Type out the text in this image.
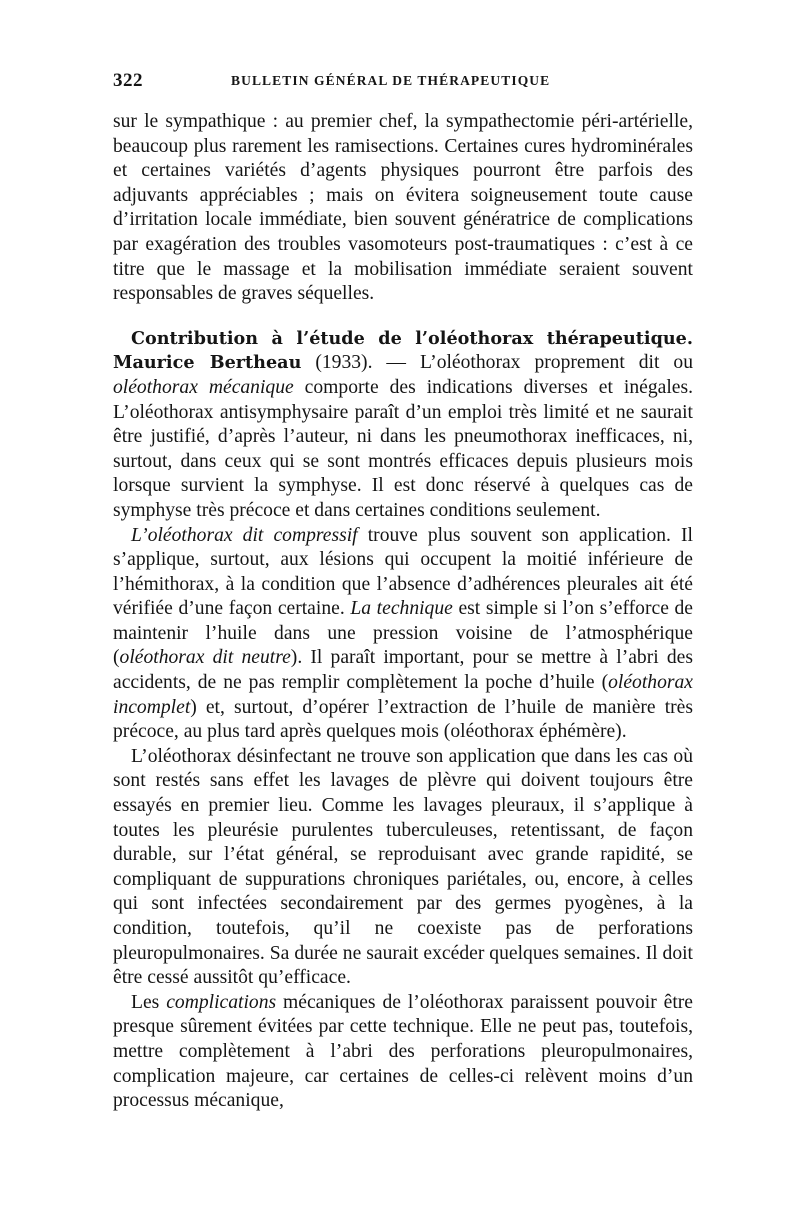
322	BULLETIN GÉNÉRAL DE THÉRAPEUTIQUE

sur le sympathique : au premier chef, la sympathectomie péri-artérielle, beaucoup plus rarement les ramisections. Certaines cures hydrominérales et certaines variétés d’agents physiques pourront être parfois des adjuvants appréciables ; mais on évitera soigneusement toute cause d’irritation locale immédiate, bien souvent génératrice de complications par exagération des troubles vasomoteurs post-traumatiques : c’est à ce titre que le massage et la mobilisation immédiate seraient souvent responsables de graves séquelles.

Contribution à l’étude de l’oléothorax thérapeutique. Maurice Bertheau (1933). — L’oléothorax proprement dit ou oléothorax mécanique comporte des indications diverses et inégales. L’oléothorax antisymphysaire paraît d’un emploi très limité et ne saurait être justifié, d’après l’auteur, ni dans les pneumothorax inefficaces, ni, surtout, dans ceux qui se sont montrés efficaces depuis plusieurs mois lorsque survient la symphyse. Il est donc réservé à quelques cas de symphyse très précoce et dans certaines conditions seulement.

L’oléothorax dit compressif trouve plus souvent son application. Il s’applique, surtout, aux lésions qui occupent la moitié inférieure de l’hémithorax, à la condition que l’absence d’adhérences pleurales ait été vérifiée d’une façon certaine. La technique est simple si l’on s’efforce de maintenir l’huile dans une pression voisine de l’atmosphérique (oléothorax dit neutre). Il paraît important, pour se mettre à l’abri des accidents, de ne pas remplir complètement la poche d’huile (oléothorax incomplet) et, surtout, d’opérer l’extraction de l’huile de manière très précoce, au plus tard après quelques mois (oléothorax éphémère).

L’oléothorax désinfectant ne trouve son application que dans les cas où sont restés sans effet les lavages de plèvre qui doivent toujours être essayés en premier lieu. Comme les lavages pleuraux, il s’applique à toutes les pleurésie purulentes tuberculeuses, retentissant, de façon durable, sur l’état général, se reproduisant avec grande rapidité, se compliquant de suppurations chroniques pariétales, ou, encore, à celles qui sont infectées secondairement par des germes pyogènes, à la condition, toutefois, qu’il ne coexiste pas de perforations pleuropulmonaires. Sa durée ne saurait excéder quelques semaines. Il doit être cessé aussitôt qu’efficace.

Les complications mécaniques de l’oléothorax paraissent pouvoir être presque sûrement évitées par cette technique. Elle ne peut pas, toutefois, mettre complètement à l’abri des perforations pleuropulmonaires, complication majeure, car certaines de celles-ci relèvent moins d’un processus mécanique,
